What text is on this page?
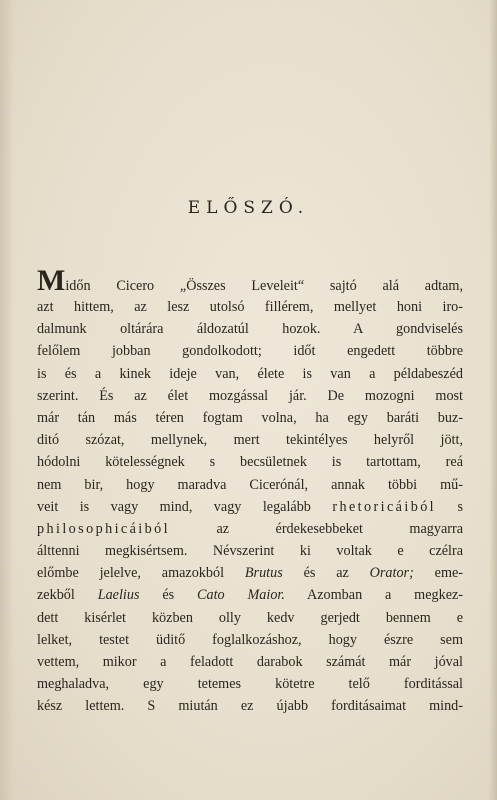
ELŐSZÓ.
Midőn Cicero „Összes Leveleit“ sajtó alá adtam,
azt hittem, az lesz utolsó fillérem, mellyet honi iro-
dalmunk oltárára áldozatúl hozok. A gondviselés
felőlem jobban gondolkodott; időt engedett többre
is és a kinek ideje van, élete is van a példabeszéd
szerint. És az élet mozgással jár. De mozogni most
már tán más téren fogtam volna, ha egy baráti buz-
ditó szózat, mellynek, mert tekintélyes helyről jött,
hódolni kötelességnek s becsületnek is tartottam, reá
nem bir, hogy maradva Cicerónál, annak többi mű-
veit is vagy mind, vagy legalább rhetoricáiból s
philosophicáiból	az érdekesebbeket magyarra
álttenni megkisértsem. Névszerint ki voltak e czélra
előmbe jelelve, amazokból Brutus és az Orator; eme-
zekből Laelius és Cato Maior. Azomban a megkez-
dett kisérlet közben olly kedv gerjedt bennem e
lelket, testet üditő foglalkozáshoz, hogy észre sem
vettem, mikor a feladott darabok számát már jóval
meghaladva, egy tetemes kötetre telő forditással
kész lettem. S miután ez újabb forditásaimat mind-
